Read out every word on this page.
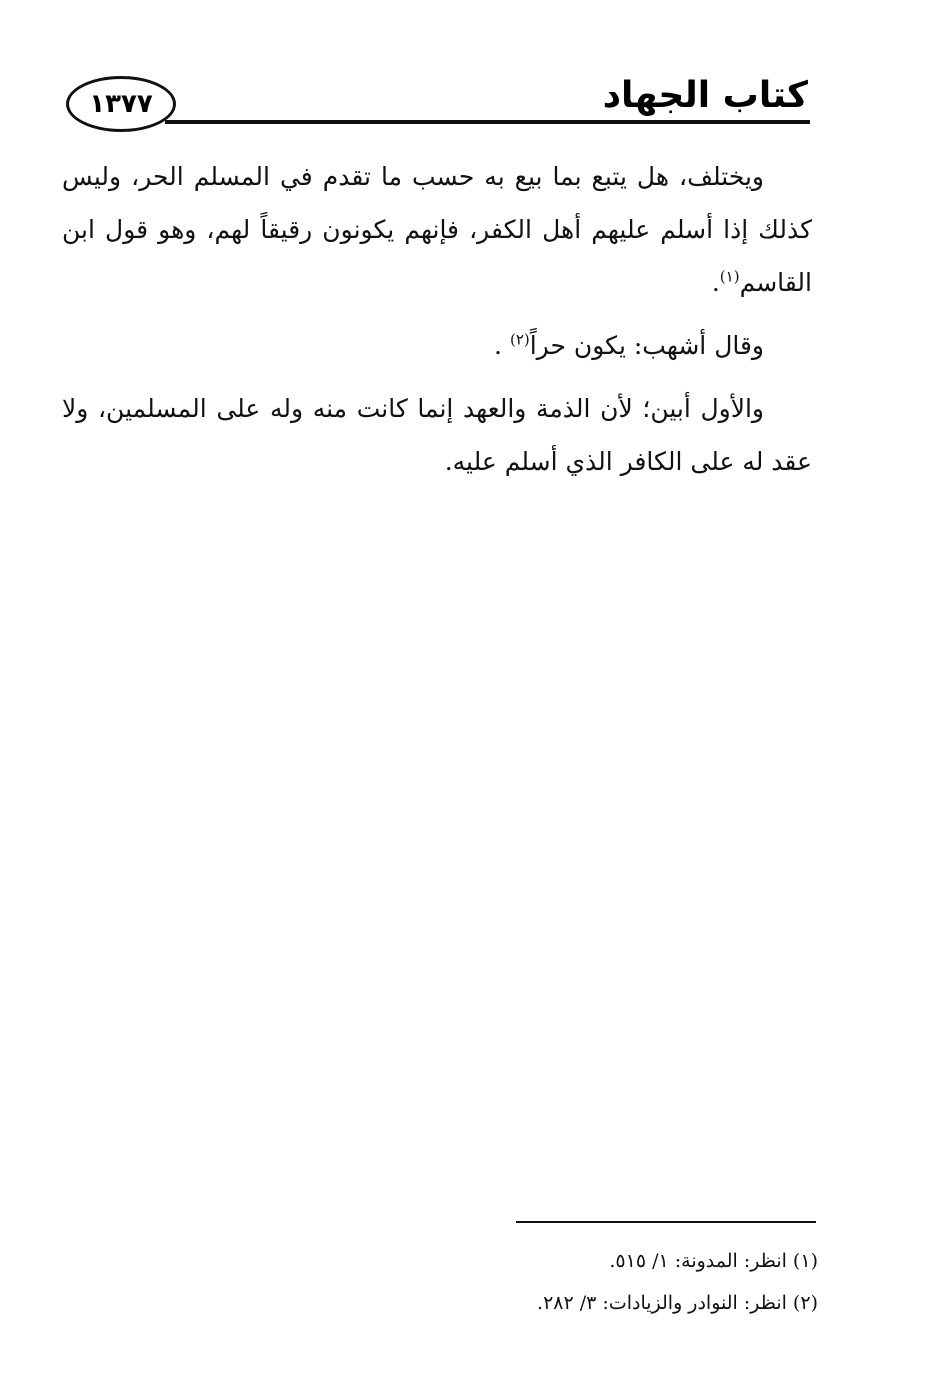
كتاب الجهاد
١٣٧٧

ويختلف، هل يتبع بما بيع به حسب ما تقدم في المسلم الحر، وليس كذلك إذا أسلم عليهم أهل الكفر، فإنهم يكونون رقيقاً لهم، وهو قول ابن القاسم$^{(١)}$.

وقال أشهب: يكون حراً$^{(٢)}$ .

والأول أبين؛ لأن الذمة والعهد إنما كانت منه وله على المسلمين، ولا عقد له على الكافر الذي أسلم عليه.

(١) انظر: المدونة: ١/ ٥١٥.

(٢) انظر: النوادر والزيادات: ٣/ ٢٨٢.
